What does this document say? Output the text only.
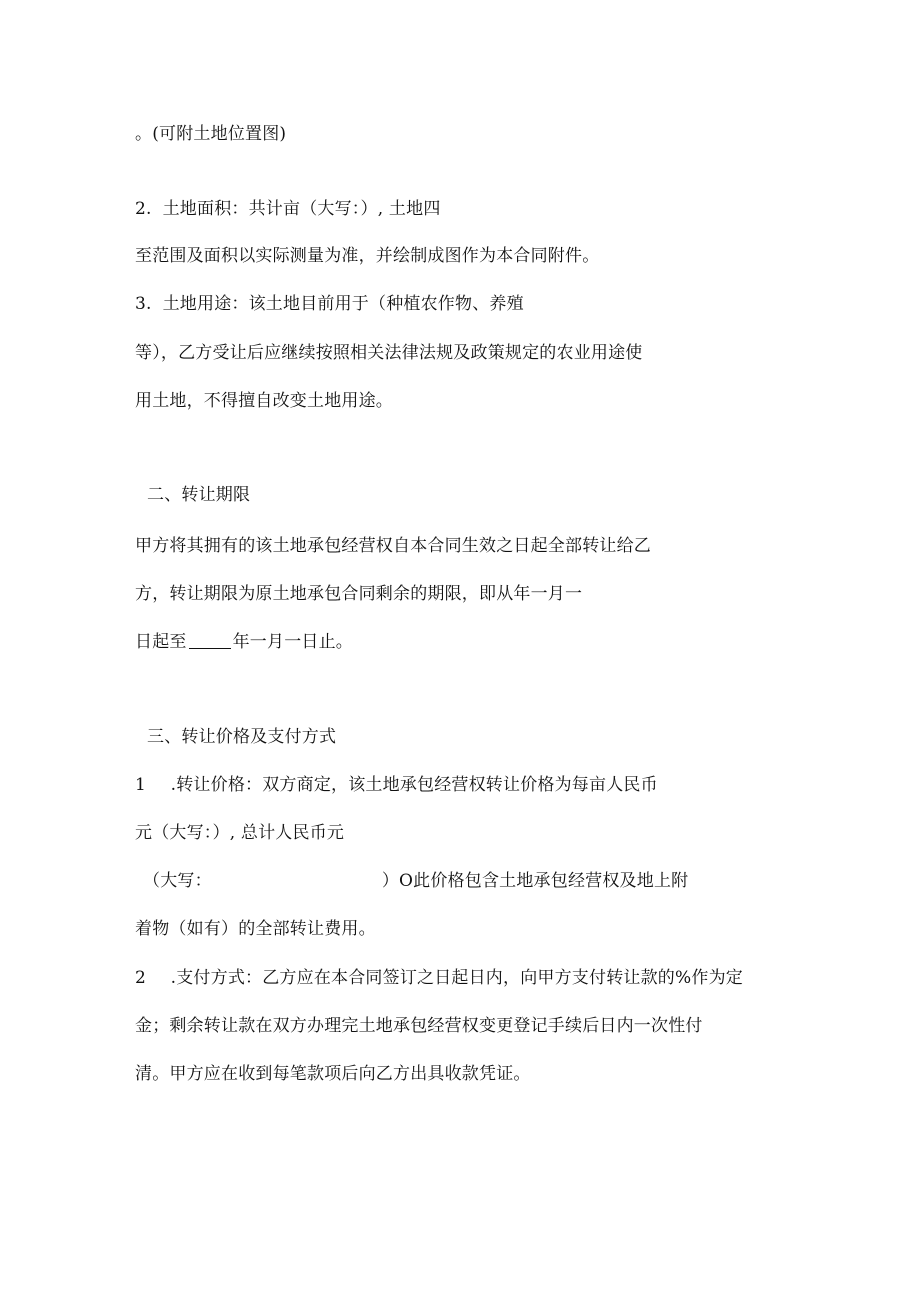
。(可附土地位置图)
2. 土地面积：共计亩（大写：）, 土地四
至范围及面积以实际测量为准，并绘制成图作为本合同附件。
3. 土地用途：该土地目前用于（种植农作物、养殖
等），乙方受让后应继续按照相关法律法规及政策规定的农业用途使
用土地，不得擅自改变土地用途。
二、转让期限
甲方将其拥有的该土地承包经营权自本合同生效之日起全部转让给乙
方，转让期限为原土地承包合同剩余的期限，即从年一月一
日起至	年一月一日止。
三、转让价格及支付方式
1 .转让价格：双方商定，该土地承包经营权转让价格为每亩人民币
元（大写：）, 总计人民币元
（大写：	）O此价格包含土地承包经营权及地上附
着物（如有）的全部转让费用。
2 .支付方式：乙方应在本合同签订之日起日内，向甲方支付转让款的%作为定
金；剩余转让款在双方办理完土地承包经营权变更登记手续后日内一次性付
清。甲方应在收到每笔款项后向乙方出具收款凭证。
